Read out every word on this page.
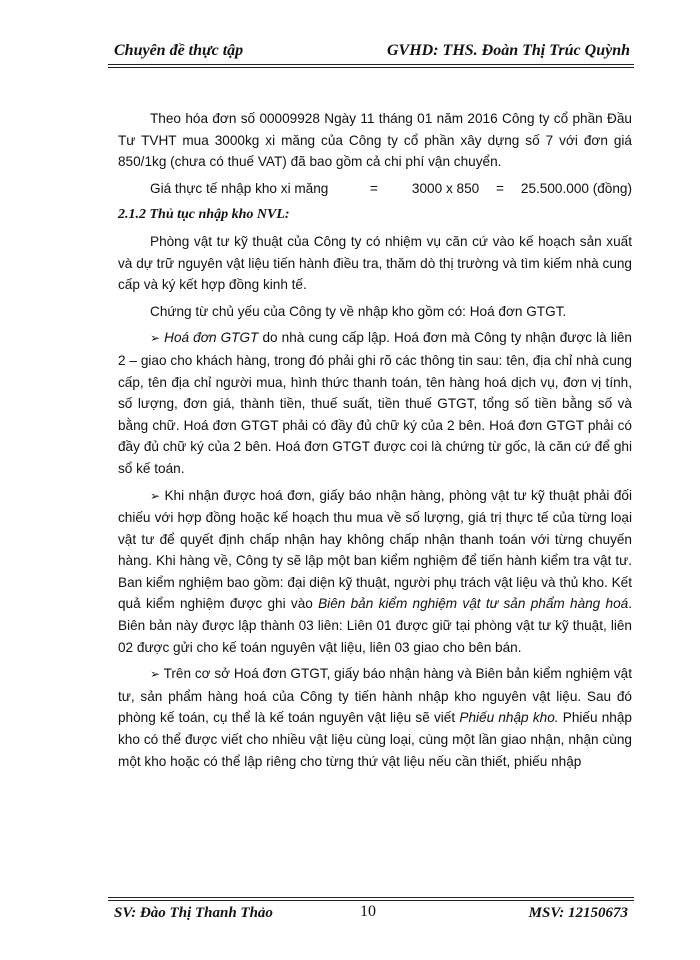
Chuyên đề thực tập	GVHD: THS. Đoàn Thị Trúc Quỳnh

Theo hóa đơn số 00009928 Ngày 11 tháng 01 năm 2016 Công ty cổ phần Đầu Tư TVHT mua 3000kg xi măng của Công ty cổ phần xây dựng số 7 với đơn giá 850/1kg (chưa có thuế VAT) đã bao gồm cả chi phí vận chuyển.

Giá thực tế nhập kho xi măng	=	3000 x 850	=	25.500.000 (đồng)
2.1.2 Thủ tục nhập kho NVL:

Phòng vật tư kỹ thuật của Công ty có nhiệm vụ căn cứ vào kế hoạch sản xuất và dự trữ nguyên vật liệu tiến hành điều tra, thăm dò thị trường và tìm kiếm nhà cung cấp và ký kết hợp đồng kinh tế.

Chứng từ chủ yếu của Công ty về nhập kho gồm có: Hoá đơn GTGT.

➢ Hoá đơn GTGT do nhà cung cấp lập. Hoá đơn mà Công ty nhận được là liên 2 – giao cho khách hàng, trong đó phải ghi rõ các thông tin sau: tên, địa chỉ nhà cung cấp, tên địa chỉ người mua, hình thức thanh toán, tên hàng hoá dịch vụ, đơn vị tính, số lượng, đơn giá, thành tiền, thuế suất, tiền thuế GTGT, tổng số tiền bằng số và bằng chữ. Hoá đơn GTGT phải có đầy đủ chữ ký của 2 bên. Hoá đơn GTGT phải có đầy đủ chữ ký của 2 bên. Hoá đơn GTGT được coi là chứng từ gốc, là căn cứ để ghi sổ kế toán.

➢ Khi nhận được hoá đơn, giấy báo nhận hàng, phòng vật tư kỹ thuật phải đối chiếu với hợp đồng hoặc kế hoạch thu mua về số lượng, giá trị thực tế của từng loại vật tư để quyết định chấp nhận hay không chấp nhận thanh toán với từng chuyến hàng. Khi hàng về, Công ty sẽ lập một ban kiểm nghiệm để tiến hành kiểm tra vật tư. Ban kiểm nghiệm bao gồm: đại diện kỹ thuật, người phụ trách vật liệu và thủ kho. Kết quả kiểm nghiệm được ghi vào Biên bản kiểm nghiệm vật tư sản phẩm hàng hoá. Biên bản này được lập thành 03 liên: Liên 01 được giữ tại phòng vật tư kỹ thuật, liên 02 được gửi cho kế toán nguyên vật liệu, liên 03 giao cho bên bán.

➢ Trên cơ sở Hoá đơn GTGT, giấy báo nhận hàng và Biên bản kiểm nghiệm vật tư, sản phẩm hàng hoá của Công ty tiến hành nhập kho nguyên vật liệu. Sau đó phòng kế toán, cụ thể là kế toán nguyên vật liệu sẽ viết Phiếu nhập kho. Phiếu nhập kho có thể được viết cho nhiều vật liệu cùng loại, cùng một lần giao nhận, nhận cùng một kho hoặc có thể lập riêng cho từng thứ vật liệu nếu cần thiết, phiếu nhập

SV: Đào Thị Thanh Thảo	10	MSV: 12150673
